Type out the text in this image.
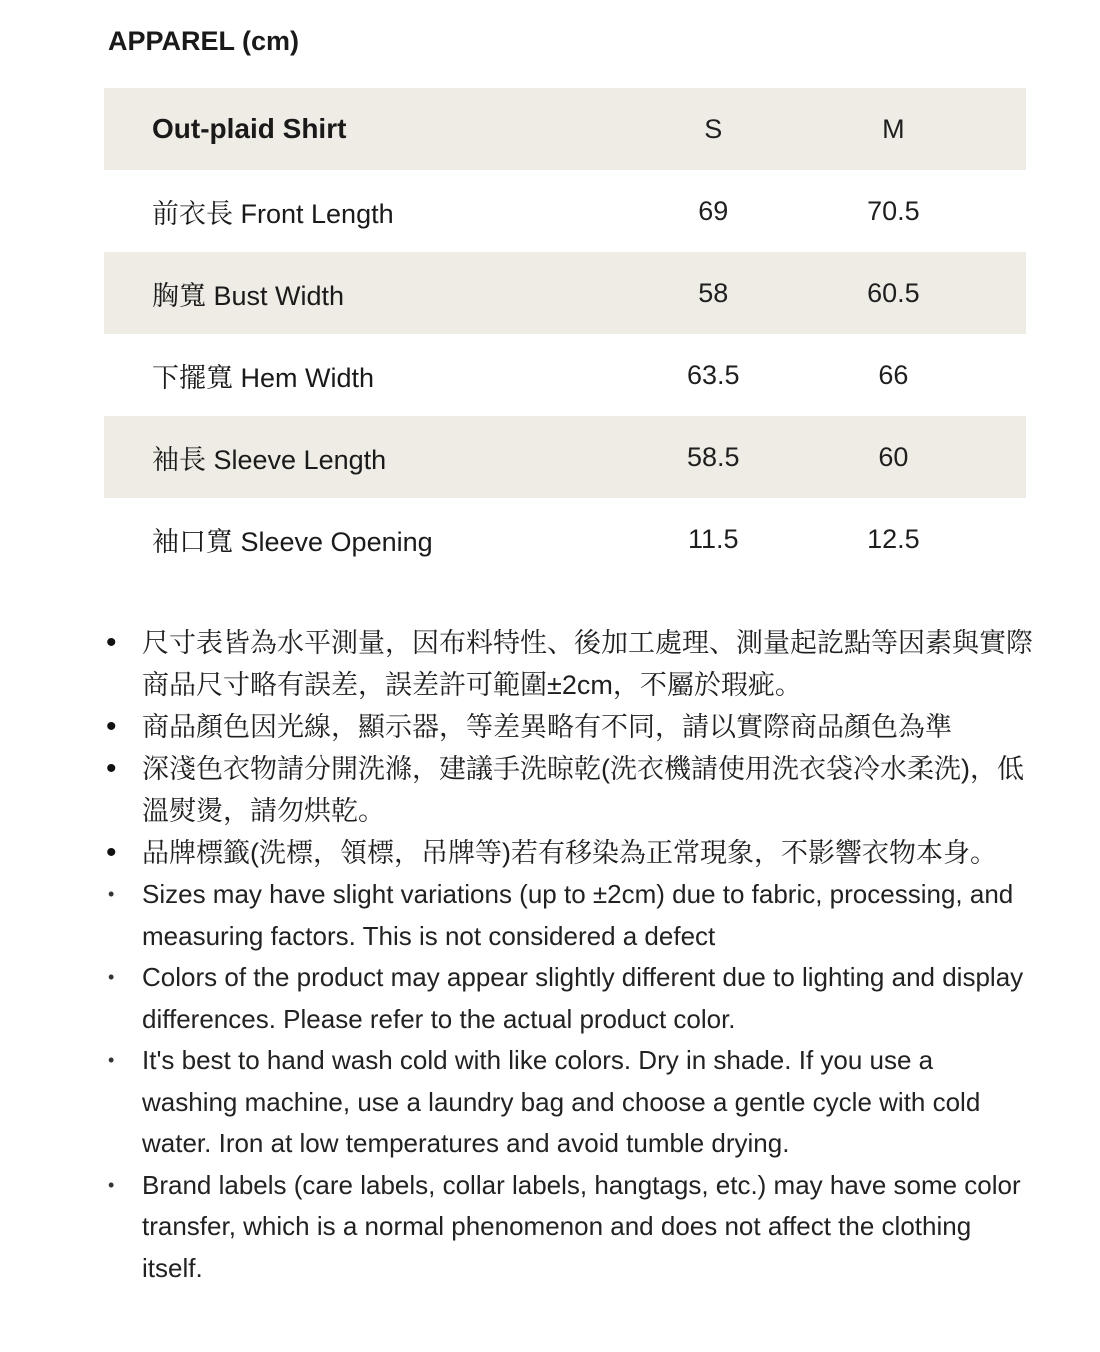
APPAREL (cm)
Out-plaid Shirt	S	M
前衣長 Front Length	69	70.5
胸寬 Bust Width	58	60.5
下擺寬 Hem Width	63.5	66
袖長 Sleeve Length	58.5	60
袖口寬 Sleeve Opening	11.5	12.5
• 尺寸表皆為水平測量，因布料特性、後加工處理、測量起訖點等因素與實際商品尺寸略有誤差，誤差許可範圍±2cm，不屬於瑕疵。
• 商品顏色因光線，顯示器，等差異略有不同，請以實際商品顏色為準
• 深淺色衣物請分開洗滌，建議手洗晾乾(洗衣機請使用洗衣袋冷水柔洗)，低溫熨燙，請勿烘乾。
• 品牌標籤(洗標，領標，吊牌等)若有移染為正常現象，不影響衣物本身。
• Sizes may have slight variations (up to ±2cm) due to fabric, processing, and measuring factors. This is not considered a defect
• Colors of the product may appear slightly different due to lighting and display differences. Please refer to the actual product color.
• It's best to hand wash cold with like colors. Dry in shade. If you use a washing machine, use a laundry bag and choose a gentle cycle with cold water. Iron at low temperatures and avoid tumble drying.
• Brand labels (care labels, collar labels, hangtags, etc.) may have some color transfer, which is a normal phenomenon and does not affect the clothing itself.
